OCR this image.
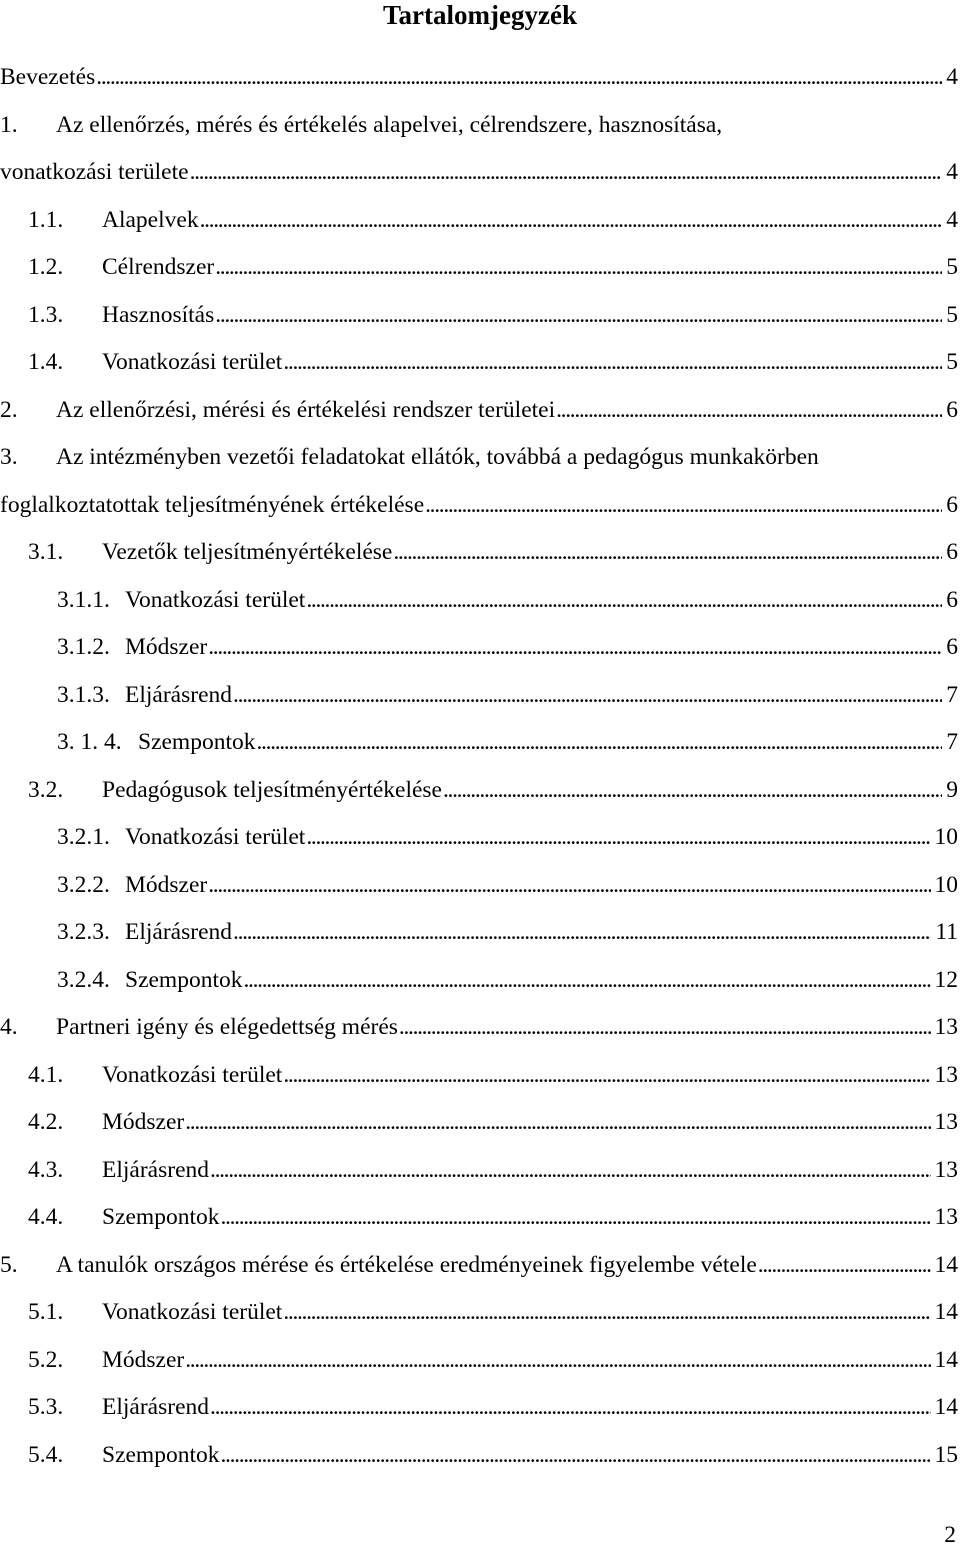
Tartalomjegyzék
Bevezetés . . .	4
1. Az ellenőrzés, mérés és értékelés alapelvei, célrendszere, hasznosítása,
vonatkozási területe . . .	4
1.1.	Alapelvek . . .	4
1.2.	Célrendszer . . .	5
1.3.	Hasznosítás . . .	5
1.4.	Vonatkozási terület . . .	5
2.	Az ellenőrzési, mérési és értékelési rendszer területei . . .	6
3. Az intézményben vezetői feladatokat ellátók, továbbá a pedagógus munkakörben
foglalkoztatottak teljesítményének értékelése . . .	6
3.1.	Vezetők teljesítményértékelése . . .	6
3.1.1. Vonatkozási terület . . .	6
3.1.2. Módszer . . .	6
3.1.3. Eljárásrend . . .	7
3. 1. 4. Szempontok . . .	7
3.2.	Pedagógusok teljesítményértékelése . . .	9
3.2.1. Vonatkozási terület . . .	10
3.2.2. Módszer . . .	10
3.2.3. Eljárásrend . . .	11
3.2.4. Szempontok . . .	12
4.	Partneri igény és elégedettség mérés . . .	13
4.1.	Vonatkozási terület . . .	13
4.2.	Módszer . . .	13
4.3.	Eljárásrend . . .	13
4.4.	Szempontok . . .	13
5.	A tanulók országos mérése és értékelése eredményeinek figyelembe vétele . . .	14
5.1.	Vonatkozási terület . . .	14
5.2.	Módszer . . .	14
5.3.	Eljárásrend . . .	14
5.4.	Szempontok . . .	15
2
